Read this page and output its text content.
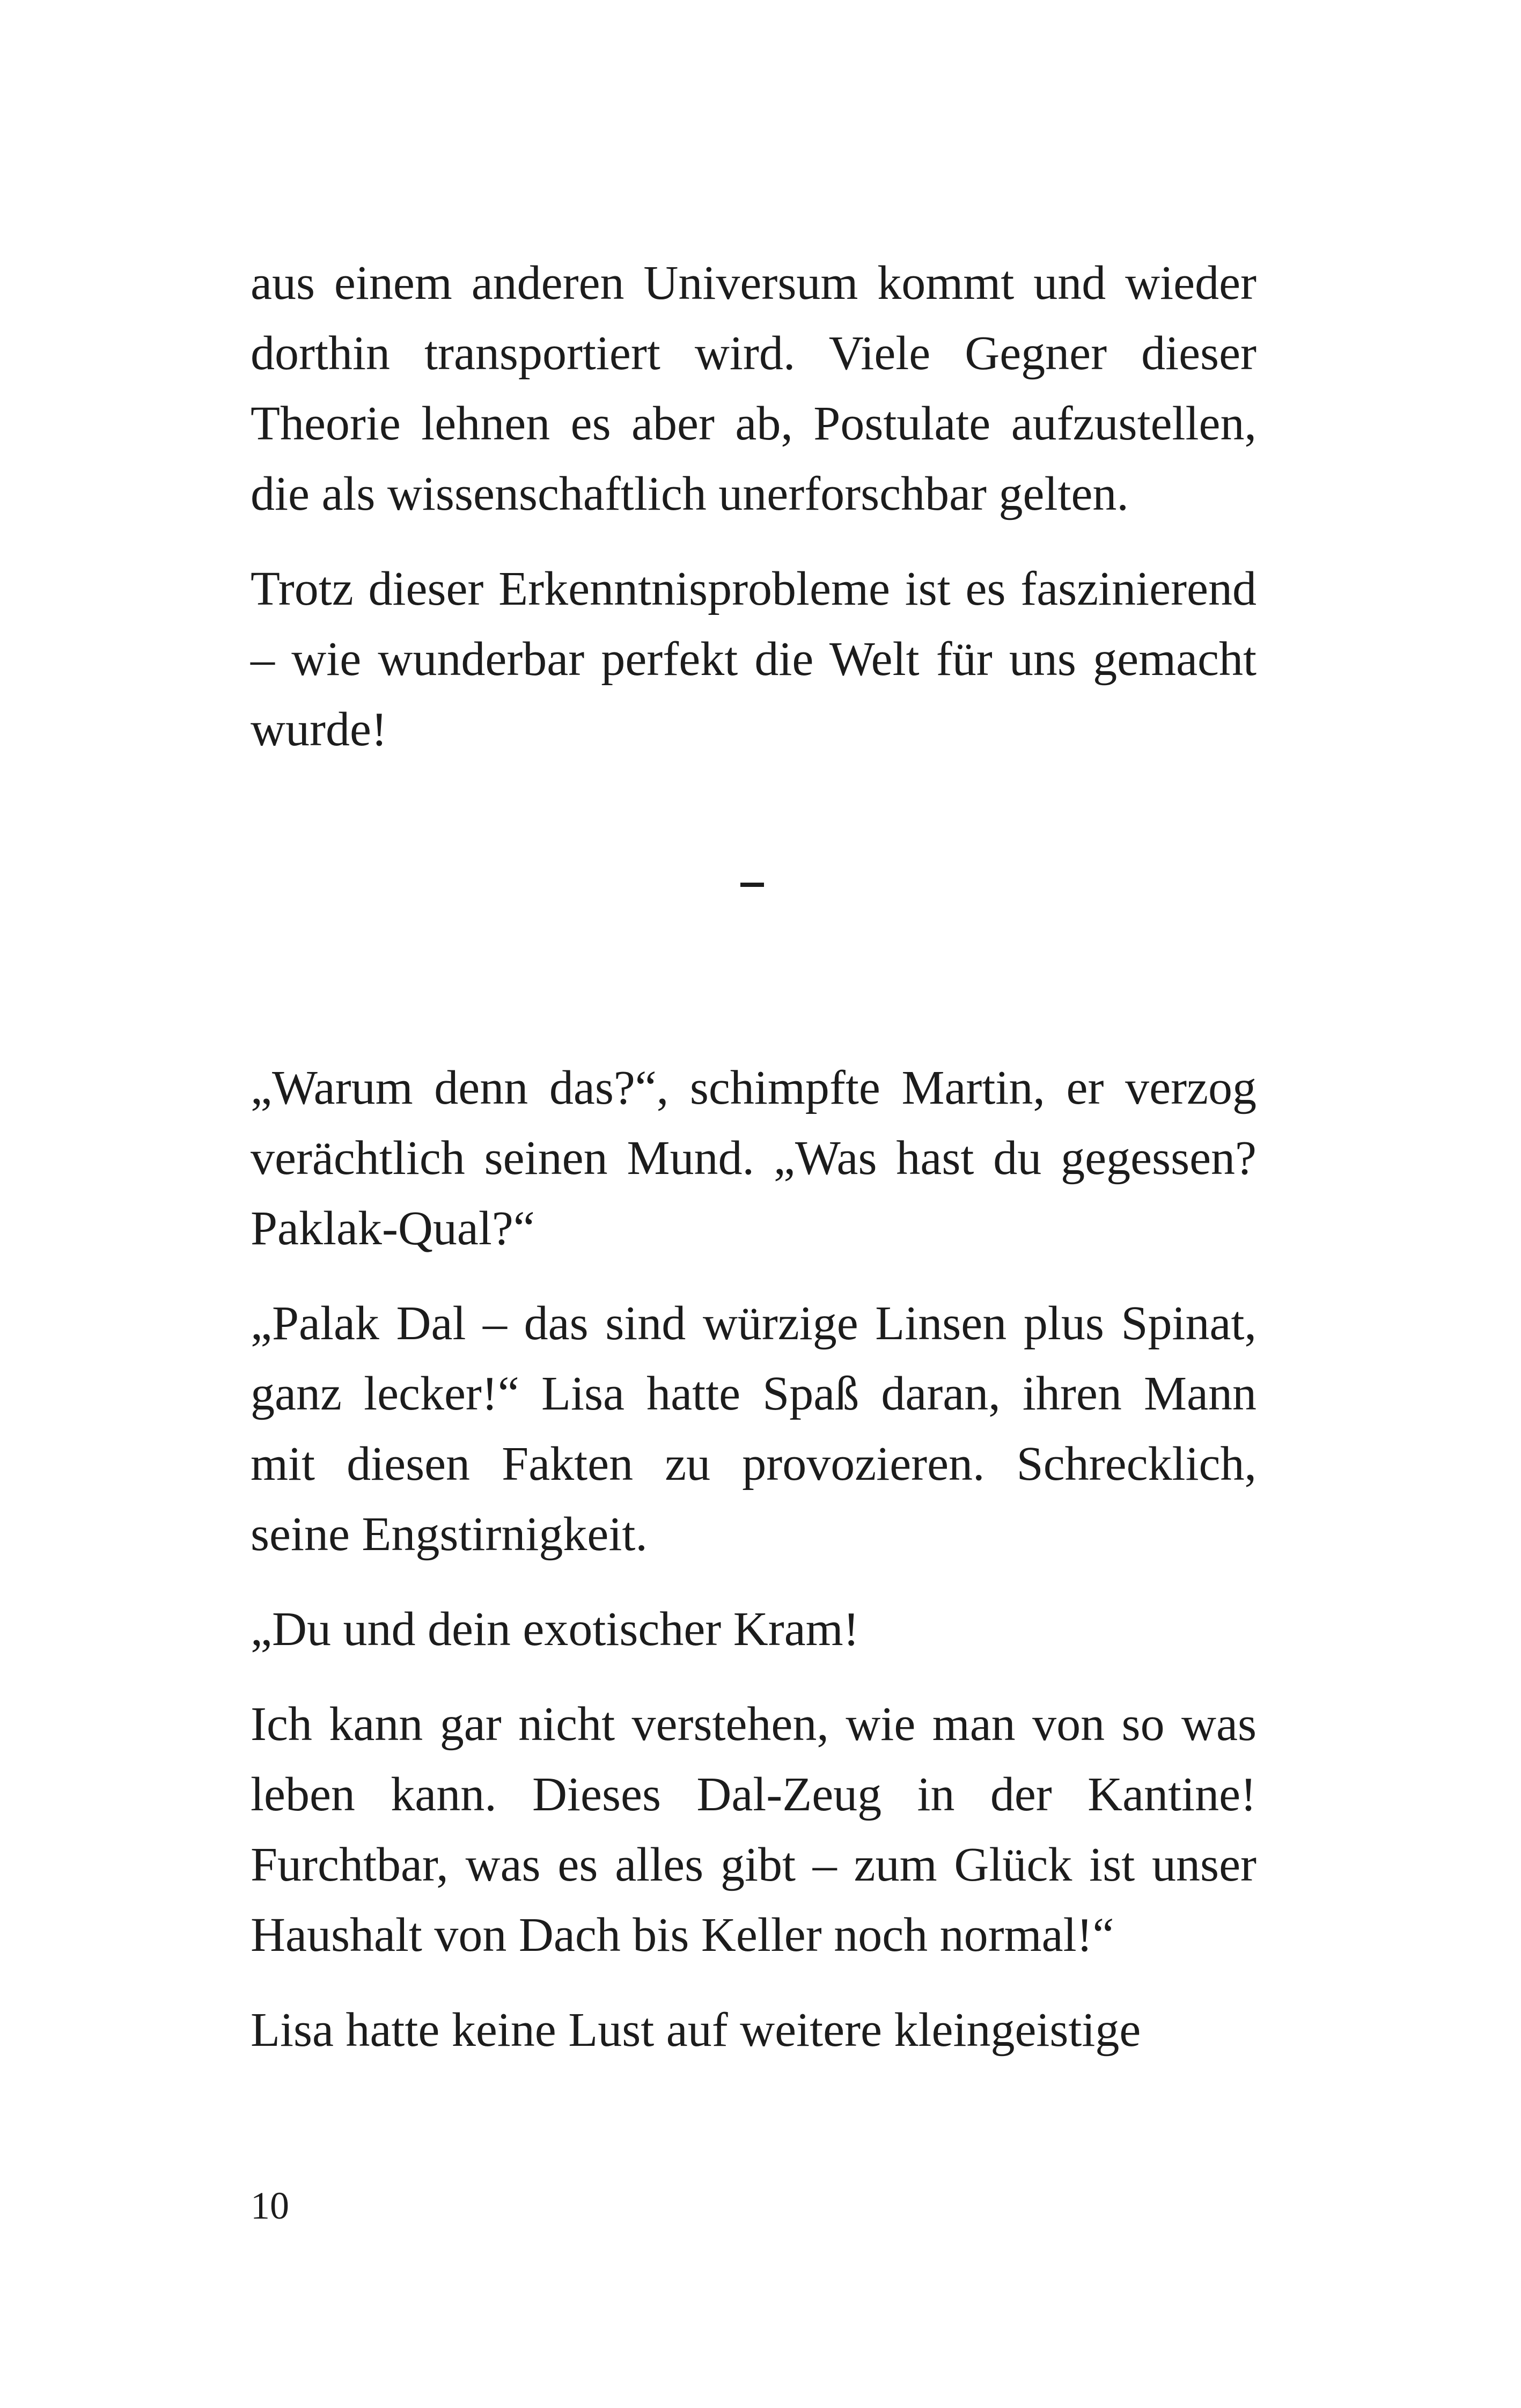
aus einem anderen Universum kommt und wieder dorthin transportiert wird. Viele Gegner dieser Theorie lehnen es aber ab, Postulate aufzustellen, die als wissenschaftlich unerforschbar gelten.

Trotz dieser Erkenntnisprobleme ist es faszinierend – wie wunderbar perfekt die Welt für uns gemacht wurde!

„Warum denn das?“, schimpfte Martin, er verzog verächtlich seinen Mund. „Was hast du gegessen? Paklak-Qual?“

„Palak Dal – das sind würzige Linsen plus Spinat, ganz lecker!“ Lisa hatte Spaß daran, ihren Mann mit diesen Fakten zu provozieren. Schrecklich, seine Engstirnigkeit.

„Du und dein exotischer Kram!

Ich kann gar nicht verstehen, wie man von so was leben kann. Dieses Dal-Zeug in der Kantine! Furchtbar, was es alles gibt – zum Glück ist unser Haushalt von Dach bis Keller noch normal!“

Lisa hatte keine Lust auf weitere kleingeistige

10
